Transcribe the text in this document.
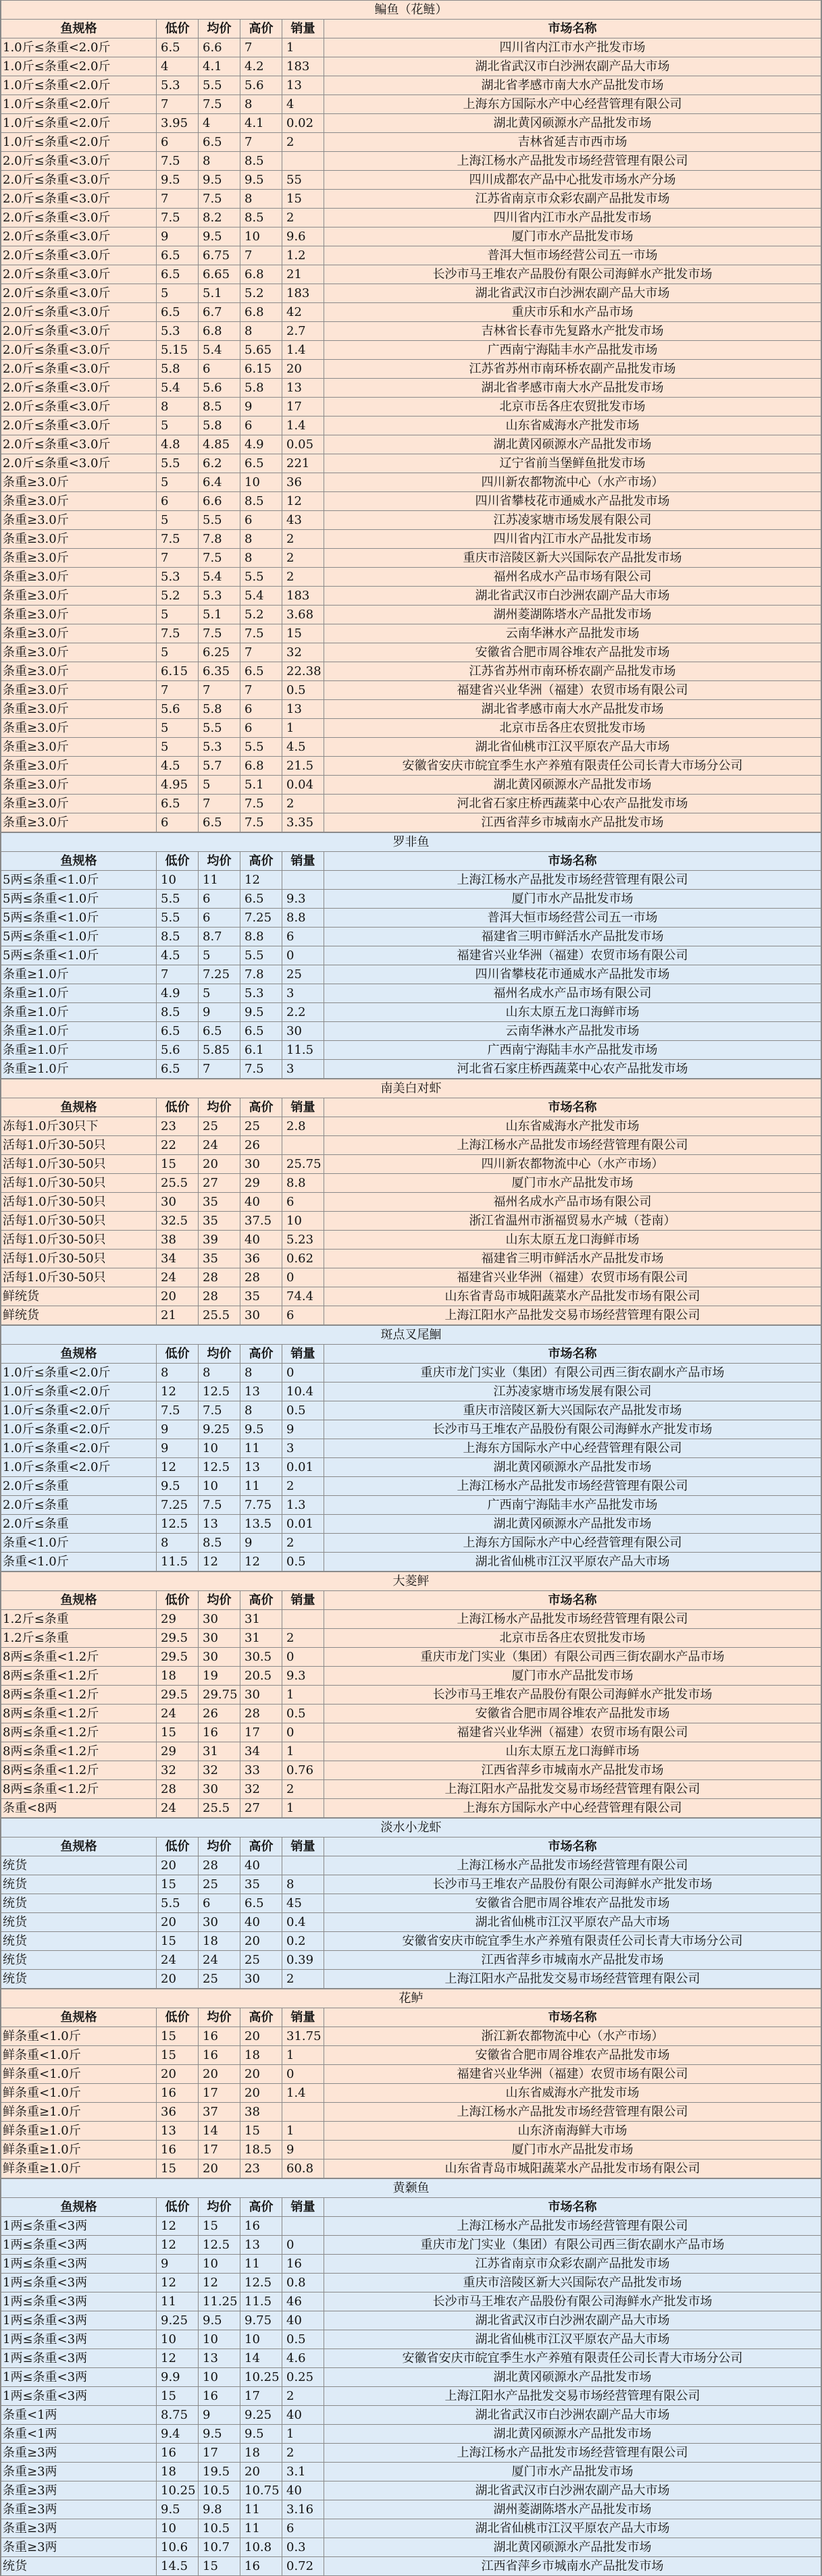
鳊鱼（花鲢）					
鱼规格	低价	均价	高价	销量	市场名称
1.0斤≤条重<2.0斤	6.5	6.6	7	1	四川省内江市水产批发市场
1.0斤≤条重<2.0斤	4	4.1	4.2	183	湖北省武汉市白沙洲农副产品大市场
1.0斤≤条重<2.0斤	5.3	5.5	5.6	13	湖北省孝感市南大水产品批发市场
1.0斤≤条重<2.0斤	7	7.5	8	4	上海东方国际水产中心经营管理有限公司
1.0斤≤条重<2.0斤	3.95	4	4.1	0.02	湖北黄冈硕源水产品批发市场
1.0斤≤条重<2.0斤	6	6.5	7	2	吉林省延吉市西市场
2.0斤≤条重<3.0斤	7.5	8	8.5		上海江杨水产品批发市场经营管理有限公司
2.0斤≤条重<3.0斤	9.5	9.5	9.5	55	四川成都农产品中心批发市场水产分场
2.0斤≤条重<3.0斤	7	7.5	8	15	江苏省南京市众彩农副产品批发市场
2.0斤≤条重<3.0斤	7.5	8.2	8.5	2	四川省内江市水产品批发市场
2.0斤≤条重<3.0斤	9	9.5	10	9.6	厦门市水产品批发市场
2.0斤≤条重<3.0斤	6.5	6.75	7	1.2	普洱大恒市场经营公司五一市场
2.0斤≤条重<3.0斤	6.5	6.65	6.8	21	长沙市马王堆农产品股份有限公司海鲜水产批发市场
2.0斤≤条重<3.0斤	5	5.1	5.2	183	湖北省武汉市白沙洲农副产品大市场
2.0斤≤条重<3.0斤	6.5	6.7	6.8	42	重庆市乐和水产品市场
2.0斤≤条重<3.0斤	5.3	6.8	8	2.7	吉林省长春市先复路水产批发市场
2.0斤≤条重<3.0斤	5.15	5.4	5.65	1.4	广西南宁海陆丰水产品批发市场
2.0斤≤条重<3.0斤	5.8	6	6.15	20	江苏省苏州市南环桥农副产品批发市场
2.0斤≤条重<3.0斤	5.4	5.6	5.8	13	湖北省孝感市南大水产品批发市场
2.0斤≤条重<3.0斤	8	8.5	9	17	北京市岳各庄农贸批发市场
2.0斤≤条重<3.0斤	5	5.8	6	1.4	山东省威海水产批发市场
2.0斤≤条重<3.0斤	4.8	4.85	4.9	0.05	湖北黄冈硕源水产品批发市场
2.0斤≤条重<3.0斤	5.5	6.2	6.5	221	辽宁省前当堡鲜鱼批发市场
条重≥3.0斤	5	6.4	10	36	四川新农都物流中心（水产市场）
条重≥3.0斤	6	6.6	8.5	12	四川省攀枝花市通威水产品批发市场
条重≥3.0斤	5	5.5	6	43	江苏凌家塘市场发展有限公司
条重≥3.0斤	7.5	7.8	8	2	四川省内江市水产品批发市场
条重≥3.0斤	7	7.5	8	2	重庆市涪陵区新大兴国际农产品批发市场
条重≥3.0斤	5.3	5.4	5.5	2	福州名成水产品市场有限公司
条重≥3.0斤	5.2	5.3	5.4	183	湖北省武汉市白沙洲农副产品大市场
条重≥3.0斤	5	5.1	5.2	3.68	湖州菱湖陈塔水产品批发市场
条重≥3.0斤	7.5	7.5	7.5	15	云南华淋水产品批发市场
条重≥3.0斤	5	6.25	7	32	安徽省合肥市周谷堆农产品批发市场
条重≥3.0斤	6.15	6.35	6.5	22.38	江苏省苏州市南环桥农副产品批发市场
条重≥3.0斤	7	7	7	0.5	福建省兴业华洲（福建）农贸市场有限公司
条重≥3.0斤	5.6	5.8	6	13	湖北省孝感市南大水产品批发市场
条重≥3.0斤	5	5.5	6	1	北京市岳各庄农贸批发市场
条重≥3.0斤	5	5.3	5.5	4.5	湖北省仙桃市江汉平原农产品大市场
条重≥3.0斤	4.5	5.7	6.8	21.5	安徽省安庆市皖宜季生水产养殖有限责任公司长青大市场分公司
条重≥3.0斤	4.95	5	5.1	0.04	湖北黄冈硕源水产品批发市场
条重≥3.0斤	6.5	7	7.5	2	河北省石家庄桥西蔬菜中心农产品批发市场
条重≥3.0斤	6	6.5	7.5	3.35	江西省萍乡市城南水产品批发市场
罗非鱼					
鱼规格	低价	均价	高价	销量	市场名称
5两≤条重<1.0斤	10	11	12		上海江杨水产品批发市场经营管理有限公司
5两≤条重<1.0斤	5.5	6	6.5	9.3	厦门市水产品批发市场
5两≤条重<1.0斤	5.5	6	7.25	8.8	普洱大恒市场经营公司五一市场
5两≤条重<1.0斤	8.5	8.7	8.8	6	福建省三明市鲜活水产品批发市场
5两≤条重<1.0斤	4.5	5	5.5	0	福建省兴业华洲（福建）农贸市场有限公司
条重≥1.0斤	7	7.25	7.8	25	四川省攀枝花市通威水产品批发市场
条重≥1.0斤	4.9	5	5.3	3	福州名成水产品市场有限公司
条重≥1.0斤	8.5	9	9.5	2.2	山东太原五龙口海鲜市场
条重≥1.0斤	6.5	6.5	6.5	30	云南华淋水产品批发市场
条重≥1.0斤	5.6	5.85	6.1	11.5	广西南宁海陆丰水产品批发市场
条重≥1.0斤	6.5	7	7.5	3	河北省石家庄桥西蔬菜中心农产品批发市场
南美白对虾					
鱼规格	低价	均价	高价	销量	市场名称
冻每1.0斤30只下	23	25	25	2.8	山东省威海水产批发市场
活每1.0斤30-50只	22	24	26		上海江杨水产品批发市场经营管理有限公司
活每1.0斤30-50只	15	20	30	25.75	四川新农都物流中心（水产市场）
活每1.0斤30-50只	25.5	27	29	8.8	厦门市水产品批发市场
活每1.0斤30-50只	30	35	40	6	福州名成水产品市场有限公司
活每1.0斤30-50只	32.5	35	37.5	10	浙江省温州市浙福贸易水产城（苍南）
活每1.0斤30-50只	38	39	40	5.23	山东太原五龙口海鲜市场
活每1.0斤30-50只	34	35	36	0.62	福建省三明市鲜活水产品批发市场
活每1.0斤30-50只	24	28	28	0	福建省兴业华洲（福建）农贸市场有限公司
鲜统货	20	28	35	74.4	山东省青岛市城阳蔬菜水产品批发市场有限公司
鲜统货	21	25.5	30	6	上海江阳水产品批发交易市场经营管理有限公司
斑点叉尾鮰					
鱼规格	低价	均价	高价	销量	市场名称
1.0斤≤条重<2.0斤	8	8	8	0	重庆市龙门实业（集团）有限公司西三街农副水产品市场
1.0斤≤条重<2.0斤	12	12.5	13	10.4	江苏凌家塘市场发展有限公司
1.0斤≤条重<2.0斤	7.5	7.5	8	0.5	重庆市涪陵区新大兴国际农产品批发市场
1.0斤≤条重<2.0斤	9	9.25	9.5	9	长沙市马王堆农产品股份有限公司海鲜水产批发市场
1.0斤≤条重<2.0斤	9	10	11	3	上海东方国际水产中心经营管理有限公司
1.0斤≤条重<2.0斤	12	12.5	13	0.01	湖北黄冈硕源水产品批发市场
2.0斤≤条重	9.5	10	11	2	上海江杨水产品批发市场经营管理有限公司
2.0斤≤条重	7.25	7.5	7.75	1.3	广西南宁海陆丰水产品批发市场
2.0斤≤条重	12.5	13	13.5	0.01	湖北黄冈硕源水产品批发市场
条重<1.0斤	8	8.5	9	2	上海东方国际水产中心经营管理有限公司
条重<1.0斤	11.5	12	12	0.5	湖北省仙桃市江汉平原农产品大市场
大菱鲆					
鱼规格	低价	均价	高价	销量	市场名称
1.2斤≤条重	29	30	31		上海江杨水产品批发市场经营管理有限公司
1.2斤≤条重	29.5	30	31	2	北京市岳各庄农贸批发市场
8两≤条重<1.2斤	29.5	30	30.5	0	重庆市龙门实业（集团）有限公司西三街农副水产品市场
8两≤条重<1.2斤	18	19	20.5	9.3	厦门市水产品批发市场
8两≤条重<1.2斤	29.5	29.75	30	1	长沙市马王堆农产品股份有限公司海鲜水产批发市场
8两≤条重<1.2斤	24	26	28	0.5	安徽省合肥市周谷堆农产品批发市场
8两≤条重<1.2斤	15	16	17	0	福建省兴业华洲（福建）农贸市场有限公司
8两≤条重<1.2斤	29	31	34	1	山东太原五龙口海鲜市场
8两≤条重<1.2斤	32	32	33	0.76	江西省萍乡市城南水产品批发市场
8两≤条重<1.2斤	28	30	32	2	上海江阳水产品批发交易市场经营管理有限公司
条重<8两	24	25.5	27	1	上海东方国际水产中心经营管理有限公司
淡水小龙虾					
鱼规格	低价	均价	高价	销量	市场名称
统货	20	28	40		上海江杨水产品批发市场经营管理有限公司
统货	15	25	35	8	长沙市马王堆农产品股份有限公司海鲜水产批发市场
统货	5.5	6	6.5	45	安徽省合肥市周谷堆农产品批发市场
统货	20	30	40	0.4	湖北省仙桃市江汉平原农产品大市场
统货	15	18	20	0.2	安徽省安庆市皖宜季生水产养殖有限责任公司长青大市场分公司
统货	24	24	25	0.39	江西省萍乡市城南水产品批发市场
统货	20	25	30	2	上海江阳水产品批发交易市场经营管理有限公司
花鲈					
鱼规格	低价	均价	高价	销量	市场名称
鲜条重<1.0斤	15	16	20	31.75	浙江新农都物流中心（水产市场）
鲜条重<1.0斤	15	16	18	1	安徽省合肥市周谷堆农产品批发市场
鲜条重<1.0斤	20	20	20	0	福建省兴业华洲（福建）农贸市场有限公司
鲜条重<1.0斤	16	17	20	1.4	山东省威海水产批发市场
鲜条重≥1.0斤	36	37	38		上海江杨水产品批发市场经营管理有限公司
鲜条重≥1.0斤	13	14	15	1	山东济南海鲜大市场
鲜条重≥1.0斤	16	17	18.5	9	厦门市水产品批发市场
鲜条重≥1.0斤	15	20	23	60.8	山东省青岛市城阳蔬菜水产品批发市场有限公司
黄颡鱼					
鱼规格	低价	均价	高价	销量	市场名称
1两≤条重<3两	12	15	16		上海江杨水产品批发市场经营管理有限公司
1两≤条重<3两	12	12.5	13	0	重庆市龙门实业（集团）有限公司西三街农副水产品市场
1两≤条重<3两	9	10	11	16	江苏省南京市众彩农副产品批发市场
1两≤条重<3两	12	12	12.5	0.8	重庆市涪陵区新大兴国际农产品批发市场
1两≤条重<3两	11	11.25	11.5	46	长沙市马王堆农产品股份有限公司海鲜水产批发市场
1两≤条重<3两	9.25	9.5	9.75	40	湖北省武汉市白沙洲农副产品大市场
1两≤条重<3两	10	10	10	0.5	湖北省仙桃市江汉平原农产品大市场
1两≤条重<3两	12	13	14	4.6	安徽省安庆市皖宜季生水产养殖有限责任公司长青大市场分公司
1两≤条重<3两	9.9	10	10.25	0.25	湖北黄冈硕源水产品批发市场
1两≤条重<3两	15	16	17	2	上海江阳水产品批发交易市场经营管理有限公司
条重<1两	8.75	9	9.25	40	湖北省武汉市白沙洲农副产品大市场
条重<1两	9.4	9.5	9.5	1	湖北黄冈硕源水产品批发市场
条重≥3两	16	17	18	2	上海江杨水产品批发市场经营管理有限公司
条重≥3两	18	19.5	20	3.1	厦门市水产品批发市场
条重≥3两	10.25	10.5	10.75	40	湖北省武汉市白沙洲农副产品大市场
条重≥3两	9.5	9.8	11	3.16	湖州菱湖陈塔水产品批发市场
条重≥3两	10	10.5	11	6	湖北省仙桃市江汉平原农产品大市场
条重≥3两	10.6	10.7	10.8	0.3	湖北黄冈硕源水产品批发市场
统货	14.5	15	16	0.72	江西省萍乡市城南水产品批发市场
